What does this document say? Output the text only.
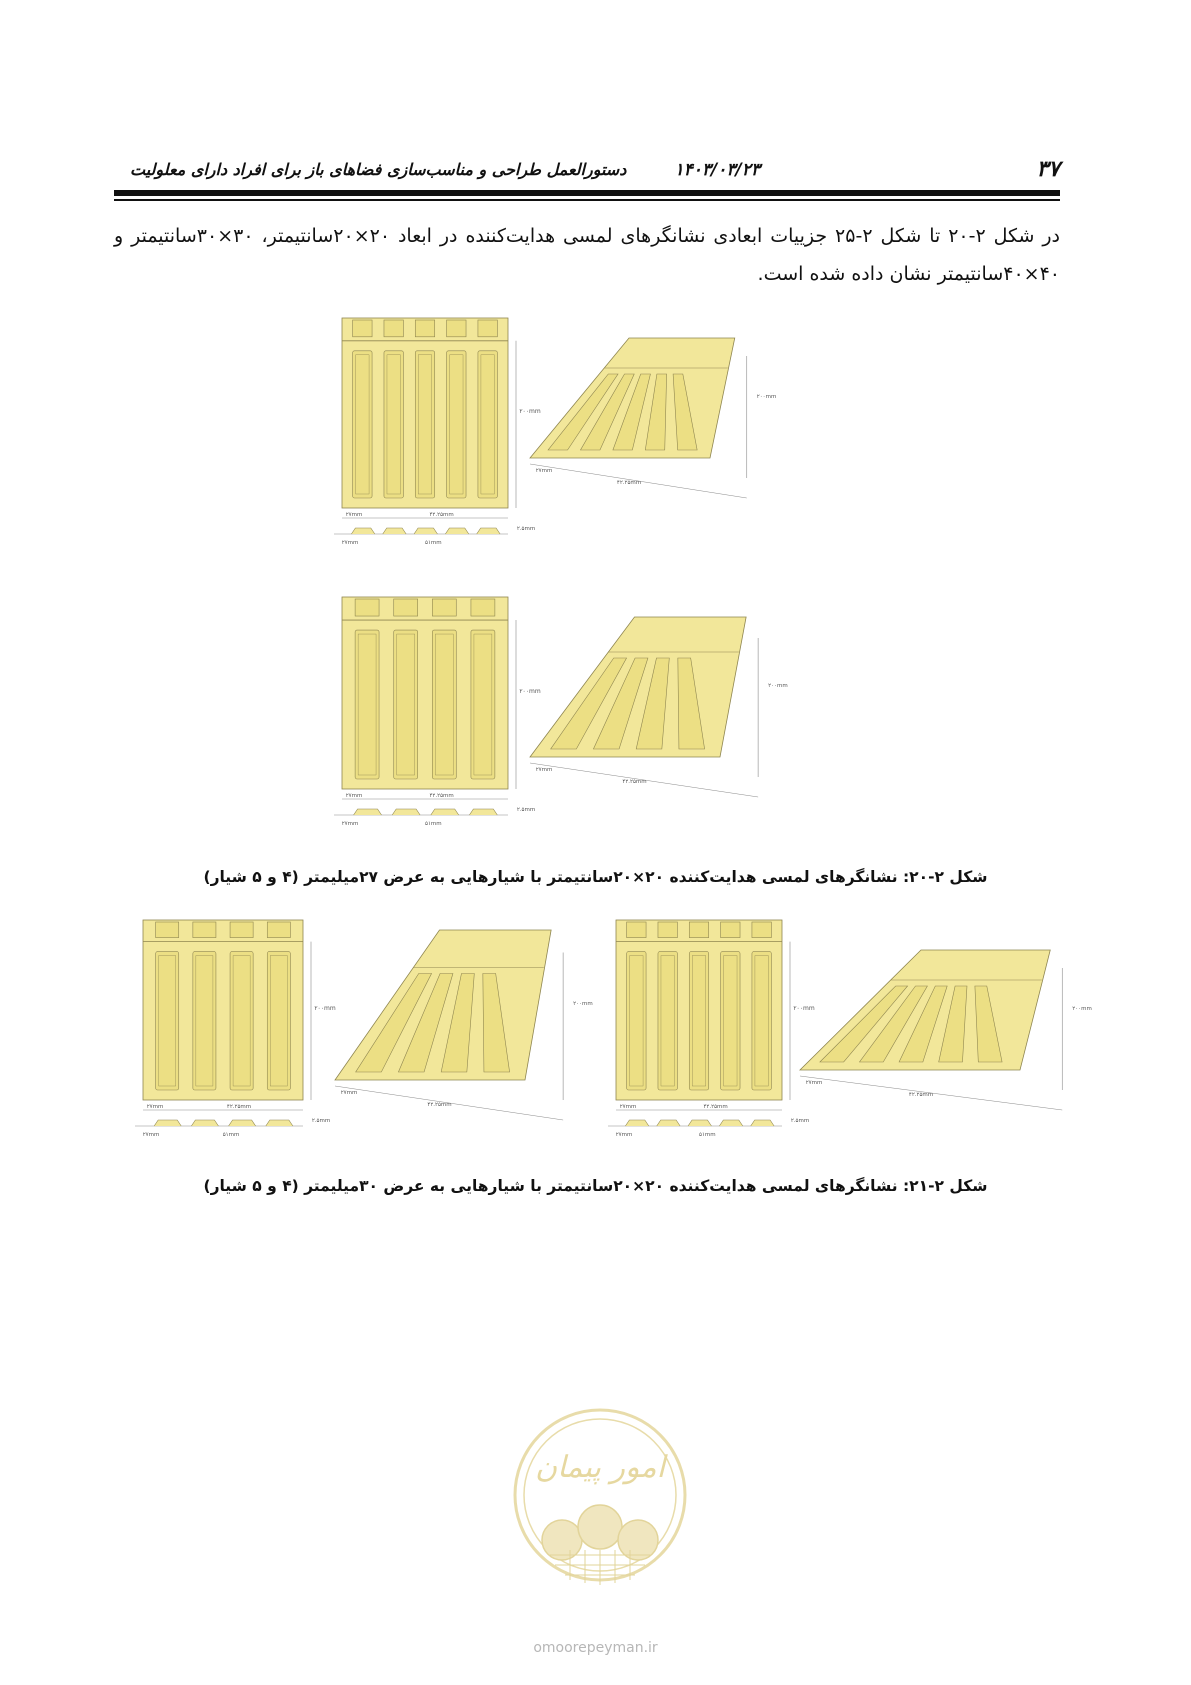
۳۷
۱۴۰۳/۰۳/۲۳
دستورالعمل طراحی و مناسب‌سازی فضاهای باز برای افراد دارای معلولیت
در شکل ۲-۲۰ تا شکل ۲-۲۵ جزییات ابعادی نشانگرهای لمسی هدایت‌کننده در ابعاد ۲۰×۲۰سانتیمتر، ۳۰×۳۰سانتیمتر و ۴۰×۴۰سانتیمتر نشان داده شده است.
۲۰۰mm
۲۷mm	۴۲.۲۵mm
۲.۵mm
۲۷mm	۵۱mm
۲۰۰mm
۲۷mm
۴۲.۲۵mm
۲۰۰mm
۲۷mm	۴۲.۲۵mm
۲.۵mm
۲۷mm	۵۱mm
۲۰۰mm
۲۷mm
۴۲.۲۵mm
شکل ۲-۲۰: نشانگرهای لمسی هدایت‌کننده ۲۰×۲۰سانتیمتر با شیارهایی به عرض ۲۷میلیمتر (۴ و ۵ شیار)
۲۰۰mm
۲۷mm	۴۲.۲۵mm
۲.۵mm
۲۷mm	۵۱mm
۲۰۰mm
۲۷mm
۴۲.۲۵mm
۲۰۰mm
۲۷mm	۴۲.۲۵mm
۲.۵mm
۲۷mm	۵۱mm
۲۰۰mm
۲۷mm
۴۲.۲۵mm
شکل ۲-۲۱: نشانگرهای لمسی هدایت‌کننده ۲۰×۲۰سانتیمتر با شیارهایی به عرض ۳۰میلیمتر (۴ و ۵ شیار)
امور پیمان
omoorepeyman.ir
